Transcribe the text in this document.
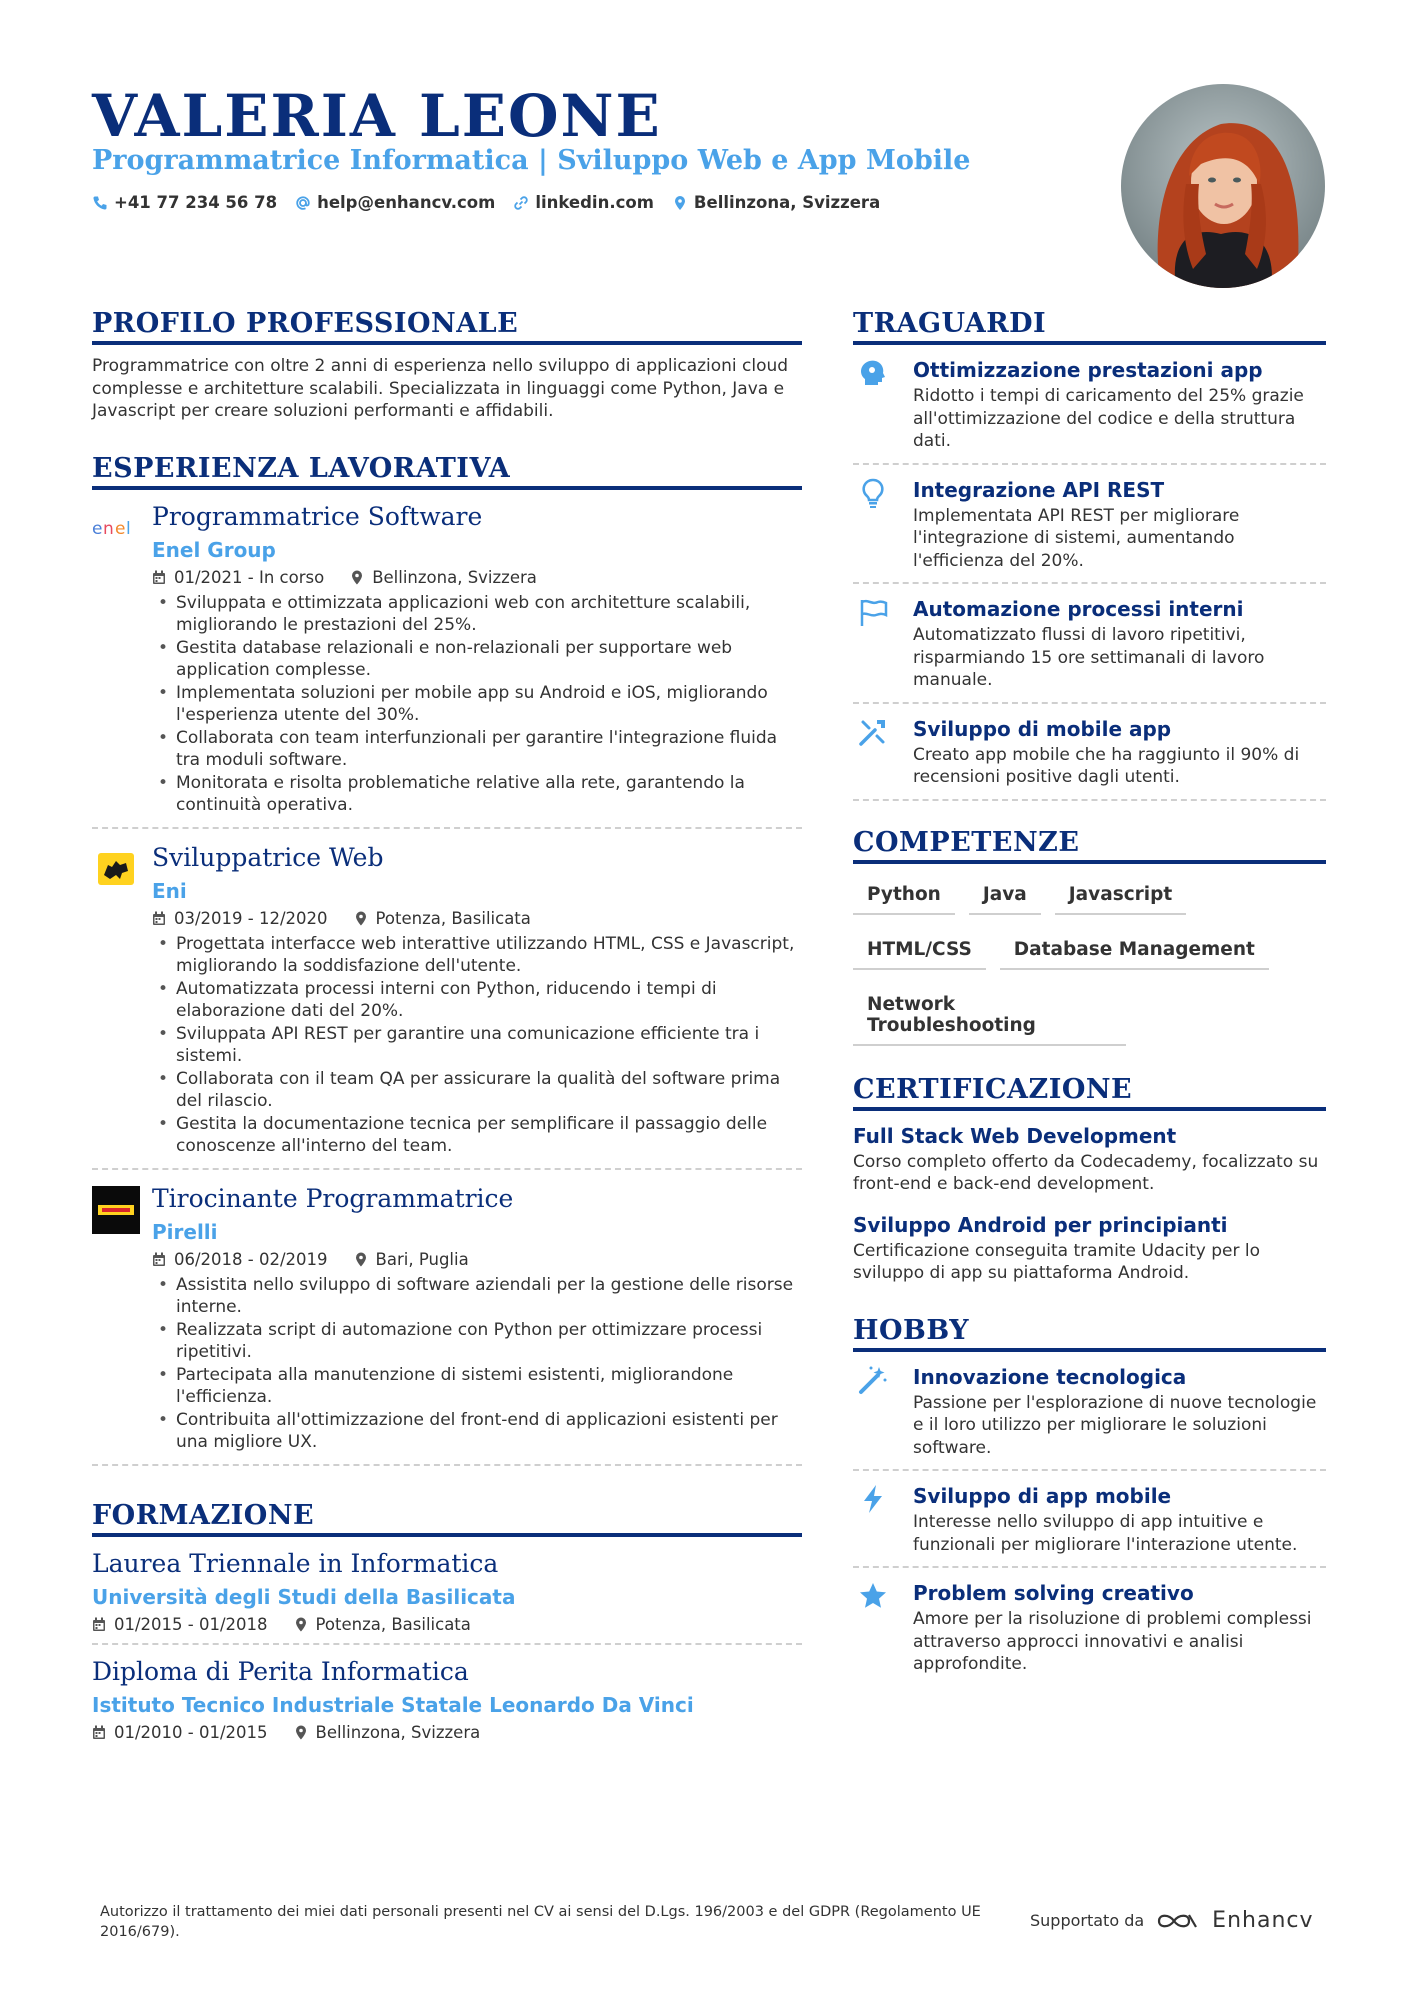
VALERIA LEONE
Programmatrice Informatica | Sviluppo Web e App Mobile
+41 77 234 56 78 help@enhancv.com linkedin.com Bellinzona, Svizzera
PROFILO PROFESSIONALE
Programmatrice con oltre 2 anni di esperienza nello sviluppo di applicazioni cloud complesse e architetture scalabili. Specializzata in linguaggi come Python, Java e Javascript per creare soluzioni performanti e affidabili.
ESPERIENZA LAVORATIVA
e n e l Programmatrice Software
Enel Group
01/2021 - In corso	Bellinzona, Svizzera
• Sviluppata e ottimizzata applicazioni web con architetture scalabili, migliorando le prestazioni del 25%.
• Gestita database relazionali e non-relazionali per supportare web application complesse.
• Implementata soluzioni per mobile app su Android e iOS, migliorando l'esperienza utente del 30%.
• Collaborata con team interfunzionali per garantire l'integrazione fluida tra moduli software.
• Monitorata e risolta problematiche relative alla rete, garantendo la continuità operativa.
Sviluppatrice Web
Eni
03/2019 - 12/2020	Potenza, Basilicata
• Progettata interfacce web interattive utilizzando HTML, CSS e Javascript, migliorando la soddisfazione dell'utente.
• Automatizzata processi interni con Python, riducendo i tempi di elaborazione dati del 20%.
• Sviluppata API REST per garantire una comunicazione efficiente tra i sistemi.
• Collaborata con il team QA per assicurare la qualità del software prima del rilascio.
• Gestita la documentazione tecnica per semplificare il passaggio delle conoscenze all'interno del team.
Tirocinante Programmatrice
Pirelli
06/2018 - 02/2019	Bari, Puglia
• Assistita nello sviluppo di software aziendali per la gestione delle risorse interne.
• Realizzata script di automazione con Python per ottimizzare processi ripetitivi.
• Partecipata alla manutenzione di sistemi esistenti, migliorandone l'efficienza.
• Contribuita all'ottimizzazione del front-end di applicazioni esistenti per una migliore UX.
FORMAZIONE
Laurea Triennale in Informatica
Università degli Studi della Basilicata
01/2015 - 01/2018	Potenza, Basilicata
Diploma di Perita Informatica
Istituto Tecnico Industriale Statale Leonardo Da Vinci
01/2010 - 01/2015	Bellinzona, Svizzera
TRAGUARDI
Ottimizzazione prestazioni app
Ridotto i tempi di caricamento del 25% grazie all'ottimizzazione del codice e della struttura dati.
Integrazione API REST
Implementata API REST per migliorare l'integrazione di sistemi, aumentando l'efficienza del 20%.
Automazione processi interni
Automatizzato flussi di lavoro ripetitivi, risparmiando 15 ore settimanali di lavoro manuale.
Sviluppo di mobile app
Creato app mobile che ha raggiunto il 90% di recensioni positive dagli utenti.
COMPETENZE
Python	Java	Javascript
HTML/CSS	Database Management
Network Troubleshooting
CERTIFICAZIONE
Full Stack Web Development
Corso completo offerto da Codecademy, focalizzato su front-end e back-end development.
Sviluppo Android per principianti
Certificazione conseguita tramite Udacity per lo sviluppo di app su piattaforma Android.
HOBBY
Innovazione tecnologica
Passione per l'esplorazione di nuove tecnologie e il loro utilizzo per migliorare le soluzioni software.
Sviluppo di app mobile
Interesse nello sviluppo di app intuitive e funzionali per migliorare l'interazione utente.
Problem solving creativo
Amore per la risoluzione di problemi complessi attraverso approcci innovativi e analisi approfondite.
Autorizzo il trattamento dei miei dati personali presenti nel CV ai sensi del D.Lgs. 196/2003 e del GDPR (Regolamento UE 2016/679).
Supportato da	Enhancv
